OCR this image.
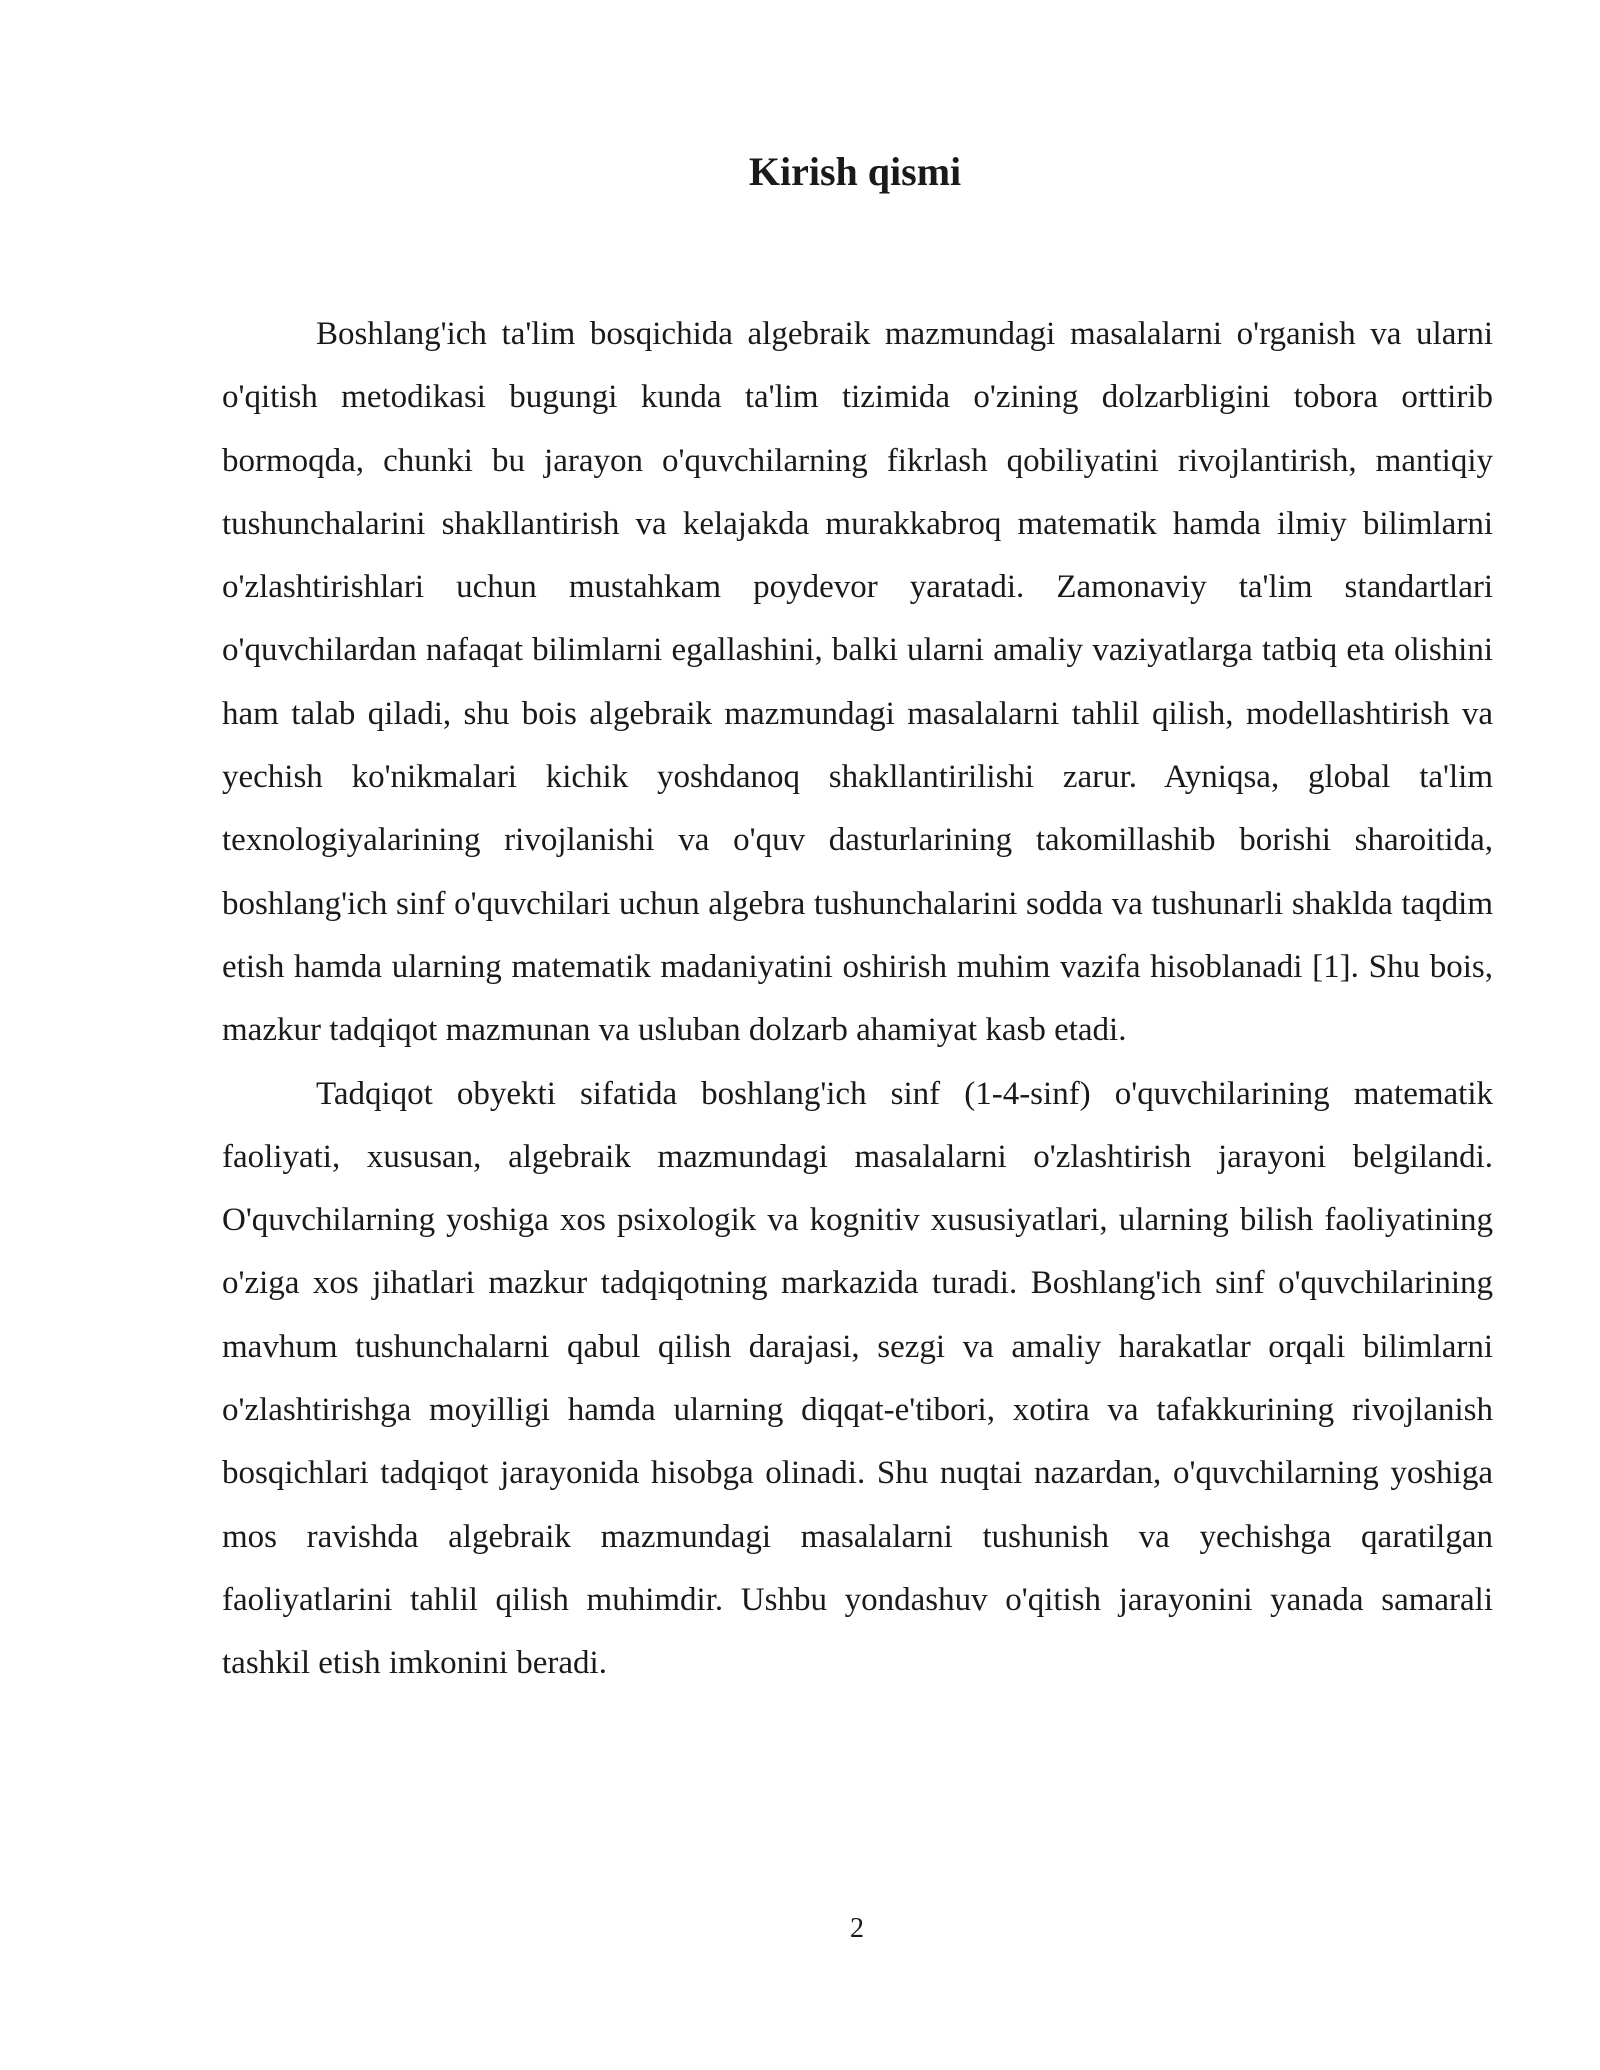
Kirish qismi

Boshlang'ich ta'lim bosqichida algebraik mazmundagi masalalarni o'rganish va ularni o'qitish metodikasi bugungi kunda ta'lim tizimida o'zining dolzarbligini tobora orttirib bormoqda, chunki bu jarayon o'quvchilarning fikrlash qobiliyatini rivojlantirish, mantiqiy tushunchalarini shakllantirish va kelajakda murakkabroq matematik hamda ilmiy bilimlarni o'zlashtirishlari uchun mustahkam poydevor yaratadi. Zamonaviy ta'lim standartlari o'quvchilardan nafaqat bilimlarni egallashini, balki ularni amaliy vaziyatlarga tatbiq eta olishini ham talab qiladi, shu bois algebraik mazmundagi masalalarni tahlil qilish, modellashtirish va yechish ko'nikmalari kichik yoshdanoq shakllantirilishi zarur. Ayniqsa, global ta'lim texnologiyalarining rivojlanishi va o'quv dasturlarining takomillashib borishi sharoitida, boshlang'ich sinf o'quvchilari uchun algebra tushunchalarini sodda va tushunarli shaklda taqdim etish hamda ularning matematik madaniyatini oshirish muhim vazifa hisoblanadi [1]. Shu bois, mazkur tadqiqot mazmunan va usluban dolzarb ahamiyat kasb etadi.

Tadqiqot obyekti sifatida boshlang'ich sinf (1-4-sinf) o'quvchilarining matematik faoliyati, xususan, algebraik mazmundagi masalalarni o'zlashtirish jarayoni belgilandi. O'quvchilarning yoshiga xos psixologik va kognitiv xususiyatlari, ularning bilish faoliyatining o'ziga xos jihatlari mazkur tadqiqotning markazida turadi. Boshlang'ich sinf o'quvchilarining mavhum tushunchalarni qabul qilish darajasi, sezgi va amaliy harakatlar orqali bilimlarni o'zlashtirishga moyilligi hamda ularning diqqat-e'tibori, xotira va tafakkurining rivojlanish bosqichlari tadqiqot jarayonida hisobga olinadi. Shu nuqtai nazardan, o'quvchilarning yoshiga mos ravishda algebraik mazmundagi masalalarni tushunish va yechishga qaratilgan faoliyatlarini tahlil qilish muhimdir. Ushbu yondashuv o'qitish jarayonini yanada samarali tashkil etish imkonini beradi.

2
